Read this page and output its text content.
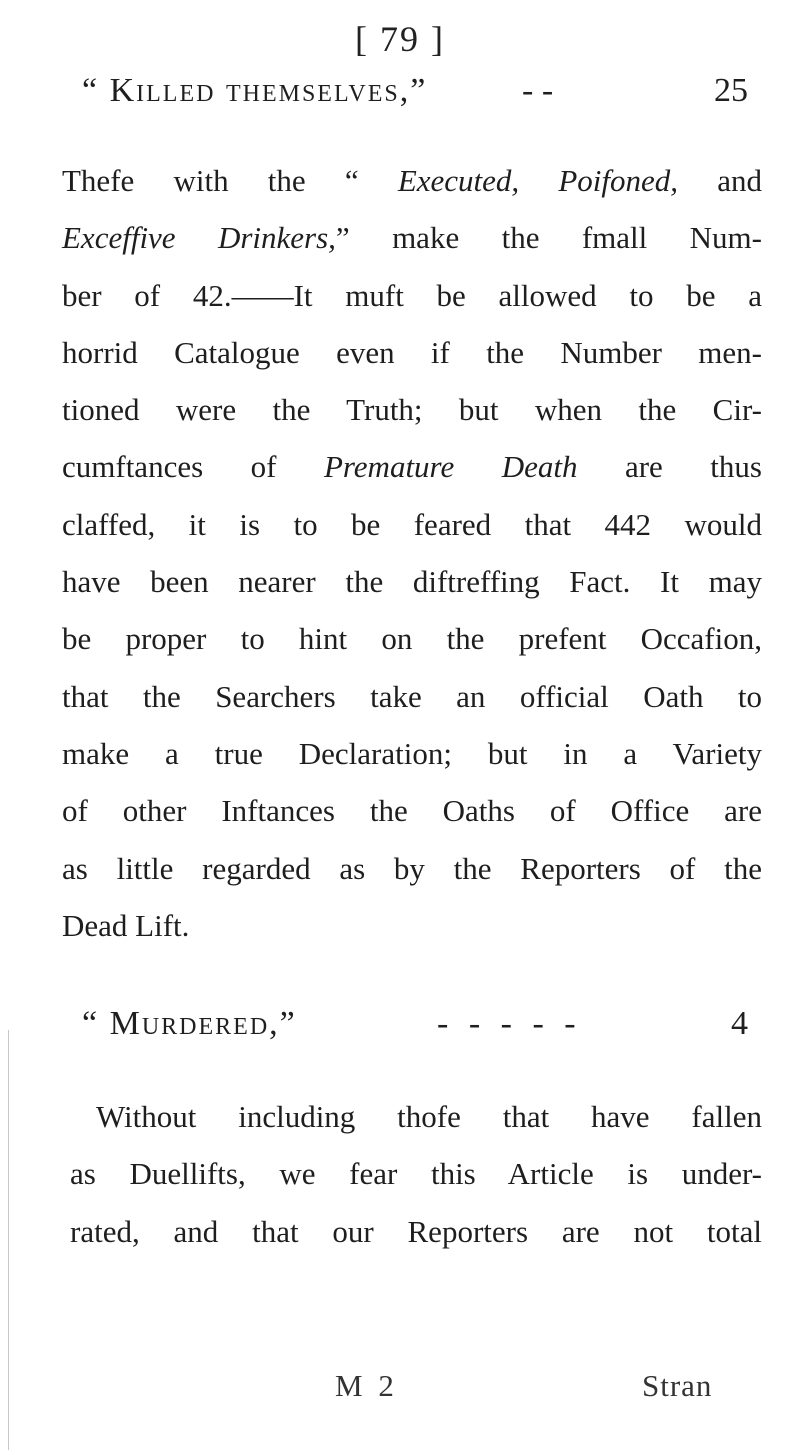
[ 79 ]
“ Killed themselves,”	- -	25
Thefe with the “ Executed, Poifoned, and
Exceffive Drinkers,” make the fmall Num-
ber of 42.——It muft be allowed to be a
horrid Catalogue even if the Number men-
tioned were the Truth; but when the Cir-
cumftances of Premature Death are thus
claffed, it is to be feared that 442 would
have been nearer the diftreffing Fact. It may
be proper to hint on the prefent Occafion,
that the Searchers take an official Oath to
make a true Declaration; but in a Variety
of other Inftances the Oaths of Office are
as little regarded as by the Reporters of the
Dead Lift.
“ Murdered,”	- - - - -	4
Without including thofe that have fallen
as Duellifts, we fear this Article is under-
rated, and that our Reporters are not total
M 2	Stran
